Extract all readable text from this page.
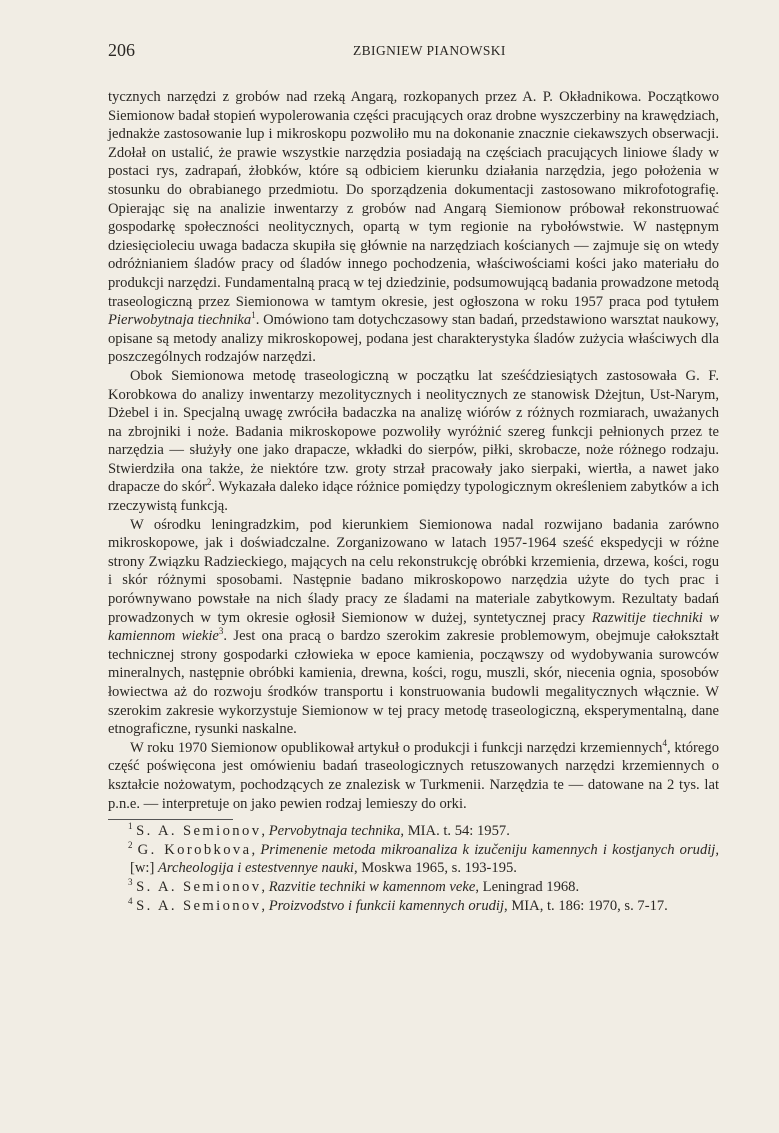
206	ZBIGNIEW PIANOWSKI

tycznych narzędzi z grobów nad rzeką Angarą, rozkopanych przez A. P. Okładnikowa. Początkowo Siemionow badał stopień wypolerowania części pracujących oraz drobne wyszczerbiny na krawędziach, jednakże zastosowanie lup i mikroskopu pozwoliło mu na dokonanie znacznie ciekawszych obserwacji. Zdołał on ustalić, że prawie wszystkie narzędzia posiadają na częściach pracujących liniowe ślady w postaci rys, zadrapań, żłobków, które są odbiciem kierunku działania narzędzia, jego położenia w stosunku do obrabianego przedmiotu. Do sporządzenia dokumentacji zastosowano mikrofotografię. Opierając się na analizie inwentarzy z grobów nad Angarą Siemionow próbował rekonstruować gospodarkę społeczności neolitycznych, opartą w tym regionie na rybołówstwie. W następnym dziesięcioleciu uwaga badacza skupiła się głównie na narzędziach kościanych — zajmuje się on wtedy odróżnianiem śladów pracy od śladów innego pochodzenia, właściwościami kości jako materiału do produkcji narzędzi. Fundamentalną pracą w tej dziedzinie, podsumowującą badania prowadzone metodą traseologiczną przez Siemionowa w tamtym okresie, jest ogłoszona w roku 1957 praca pod tytułem Pierwobytnaja tiechnika$^1$. Omówiono tam dotychczasowy stan badań, przedstawiono warsztat naukowy, opisane są metody analizy mikroskopowej, podana jest charakterystyka śladów zużycia właściwych dla poszczególnych rodzajów narzędzi.

Obok Siemionowa metodę traseologiczną w początku lat sześćdziesiątych zastosowała G. F. Korobkowa do analizy inwentarzy mezolitycznych i neolitycznych ze stanowisk Dżejtun, Ust-Narym, Dżebel i in. Specjalną uwagę zwróciła badaczka na analizę wiórów z różnych rozmiarach, uważanych na zbrojniki i noże. Badania mikroskopowe pozwoliły wyróżnić szereg funkcji pełnionych przez te narzędzia — służyły one jako drapacze, wkładki do sierpów, piłki, skrobacze, noże różnego rodzaju. Stwierdziła ona także, że niektóre tzw. groty strzał pracowały jako sierpaki, wiertła, a nawet jako drapacze do skór$^2$. Wykazała daleko idące różnice pomiędzy typologicznym określeniem zabytków a ich rzeczywistą funkcją.

W ośrodku leningradzkim, pod kierunkiem Siemionowa nadal rozwijano badania zarówno mikroskopowe, jak i doświadczalne. Zorganizowano w latach 1957-1964 sześć ekspedycji w różne strony Związku Radzieckiego, mających na celu rekonstrukcję obróbki krzemienia, drzewa, kości, rogu i skór różnymi sposobami. Następnie badano mikroskopowo narzędzia użyte do tych prac i porównywano powstałe na nich ślady pracy ze śladami na materiale zabytkowym. Rezultaty badań prowadzonych w tym okresie ogłosił Siemionow w dużej, syntetycznej pracy Razwitije tiechniki w kamiennom wiekie$^3$. Jest ona pracą o bardzo szerokim zakresie problemowym, obejmuje całokształt technicznej strony gospodarki człowieka w epoce kamienia, począwszy od wydobywania surowców mineralnych, następnie obróbki kamienia, drewna, kości, rogu, muszli, skór, niecenia ognia, sposobów łowiectwa aż do rozwoju środków transportu i konstruowania budowli megalitycznych włącznie. W szerokim zakresie wykorzystuje Siemionow w tej pracy metodę traseologiczną, eksperymentalną, dane etnograficzne, rysunki naskalne.

W roku 1970 Siemionow opublikował artykuł o produkcji i funkcji narzędzi krzemiennych$^4$, którego część poświęcona jest omówieniu badań traseologicznych retuszowanych narzędzi krzemiennych o kształcie nożowatym, pochodzących ze znalezisk w Turkmenii. Narzędzia te — datowane na 2 tys. lat p.n.e. — interpretuje on jako pewien rodzaj lemieszy do orki.

$^1$ S. A. Semionov, Pervobytnaja technika, MIA. t. 54: 1957.

$^2$ G. Korobkova, Primenenie metoda mikroanaliza k izučeniju kamennych i kostjanych orudij, [w:] Archeologija i estestvennye nauki, Moskwa 1965, s. 193-195.

$^3$ S. A. Semionov, Razvitie techniki w kamennom veke, Leningrad 1968.

$^4$ S. A. Semionov, Proizvodstvo i funkcii kamennych orudij, MIA, t. 186: 1970, s. 7-17.
